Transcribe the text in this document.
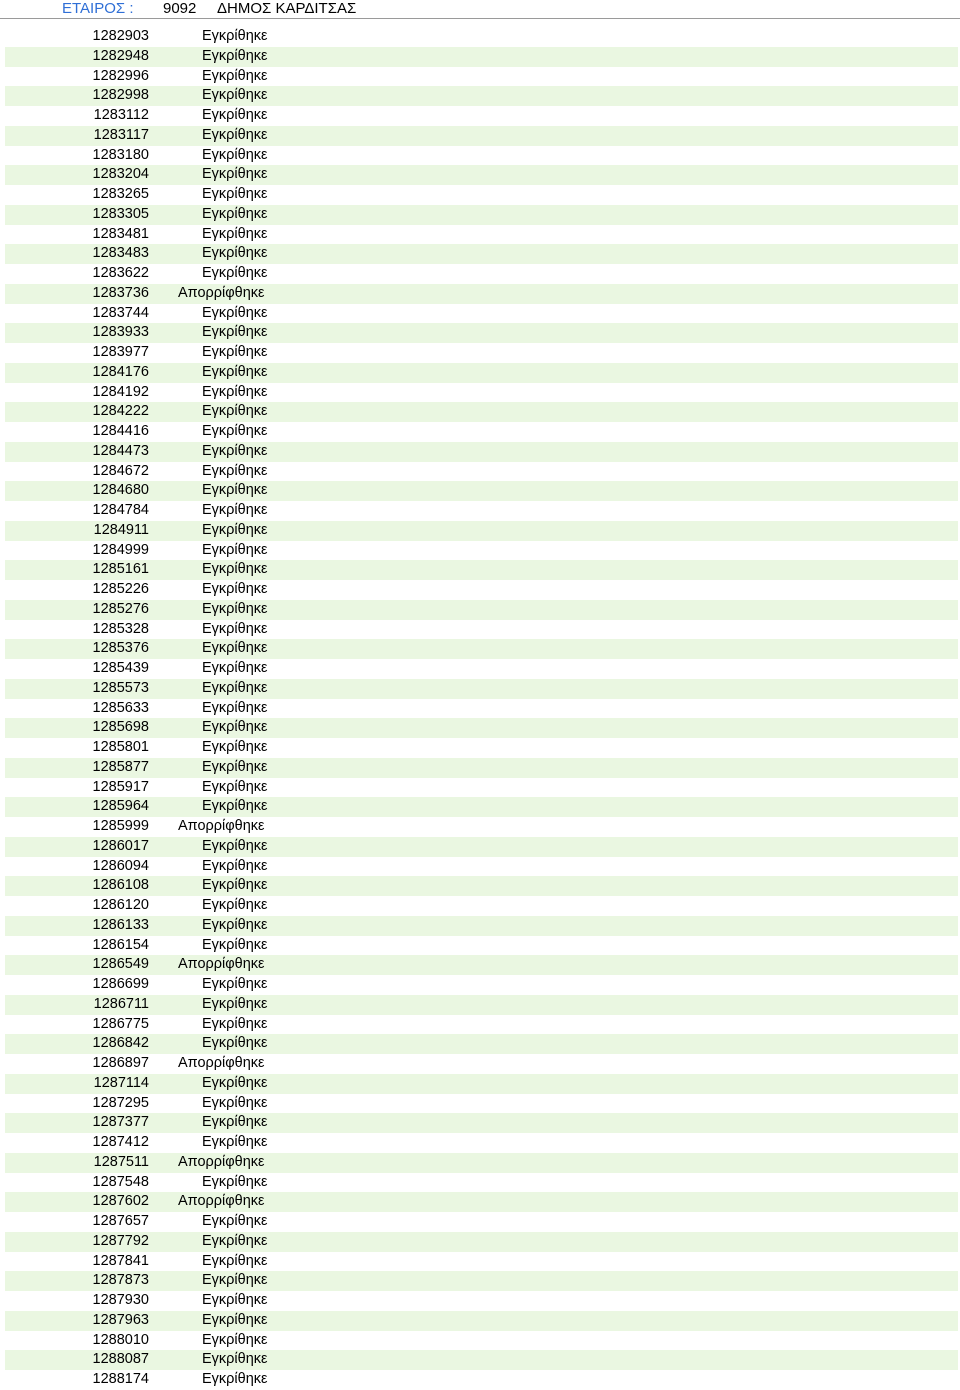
ΕΤΑΙΡΟΣ : 9092 ΔΗΜΟΣ ΚΑΡΔΙΤΣΑΣ
1282903	Εγκρίθηκε
1282948	Εγκρίθηκε
1282996	Εγκρίθηκε
1282998	Εγκρίθηκε
1283112	Εγκρίθηκε
1283117	Εγκρίθηκε
1283180	Εγκρίθηκε
1283204	Εγκρίθηκε
1283265	Εγκρίθηκε
1283305	Εγκρίθηκε
1283481	Εγκρίθηκε
1283483	Εγκρίθηκε
1283622	Εγκρίθηκε
1283736 Απορρίφθηκε
1283744	Εγκρίθηκε
1283933	Εγκρίθηκε
1283977	Εγκρίθηκε
1284176	Εγκρίθηκε
1284192	Εγκρίθηκε
1284222	Εγκρίθηκε
1284416	Εγκρίθηκε
1284473	Εγκρίθηκε
1284672	Εγκρίθηκε
1284680	Εγκρίθηκε
1284784	Εγκρίθηκε
1284911	Εγκρίθηκε
1284999	Εγκρίθηκε
1285161	Εγκρίθηκε
1285226	Εγκρίθηκε
1285276	Εγκρίθηκε
1285328	Εγκρίθηκε
1285376	Εγκρίθηκε
1285439	Εγκρίθηκε
1285573	Εγκρίθηκε
1285633	Εγκρίθηκε
1285698	Εγκρίθηκε
1285801	Εγκρίθηκε
1285877	Εγκρίθηκε
1285917	Εγκρίθηκε
1285964	Εγκρίθηκε
1285999 Απορρίφθηκε
1286017	Εγκρίθηκε
1286094	Εγκρίθηκε
1286108	Εγκρίθηκε
1286120	Εγκρίθηκε
1286133	Εγκρίθηκε
1286154	Εγκρίθηκε
1286549 Απορρίφθηκε
1286699	Εγκρίθηκε
1286711	Εγκρίθηκε
1286775	Εγκρίθηκε
1286842	Εγκρίθηκε
1286897 Απορρίφθηκε
1287114	Εγκρίθηκε
1287295	Εγκρίθηκε
1287377	Εγκρίθηκε
1287412	Εγκρίθηκε
1287511 Απορρίφθηκε
1287548	Εγκρίθηκε
1287602 Απορρίφθηκε
1287657	Εγκρίθηκε
1287792	Εγκρίθηκε
1287841	Εγκρίθηκε
1287873	Εγκρίθηκε
1287930	Εγκρίθηκε
1287963	Εγκρίθηκε
1288010	Εγκρίθηκε
1288087	Εγκρίθηκε
1288174	Εγκρίθηκε
